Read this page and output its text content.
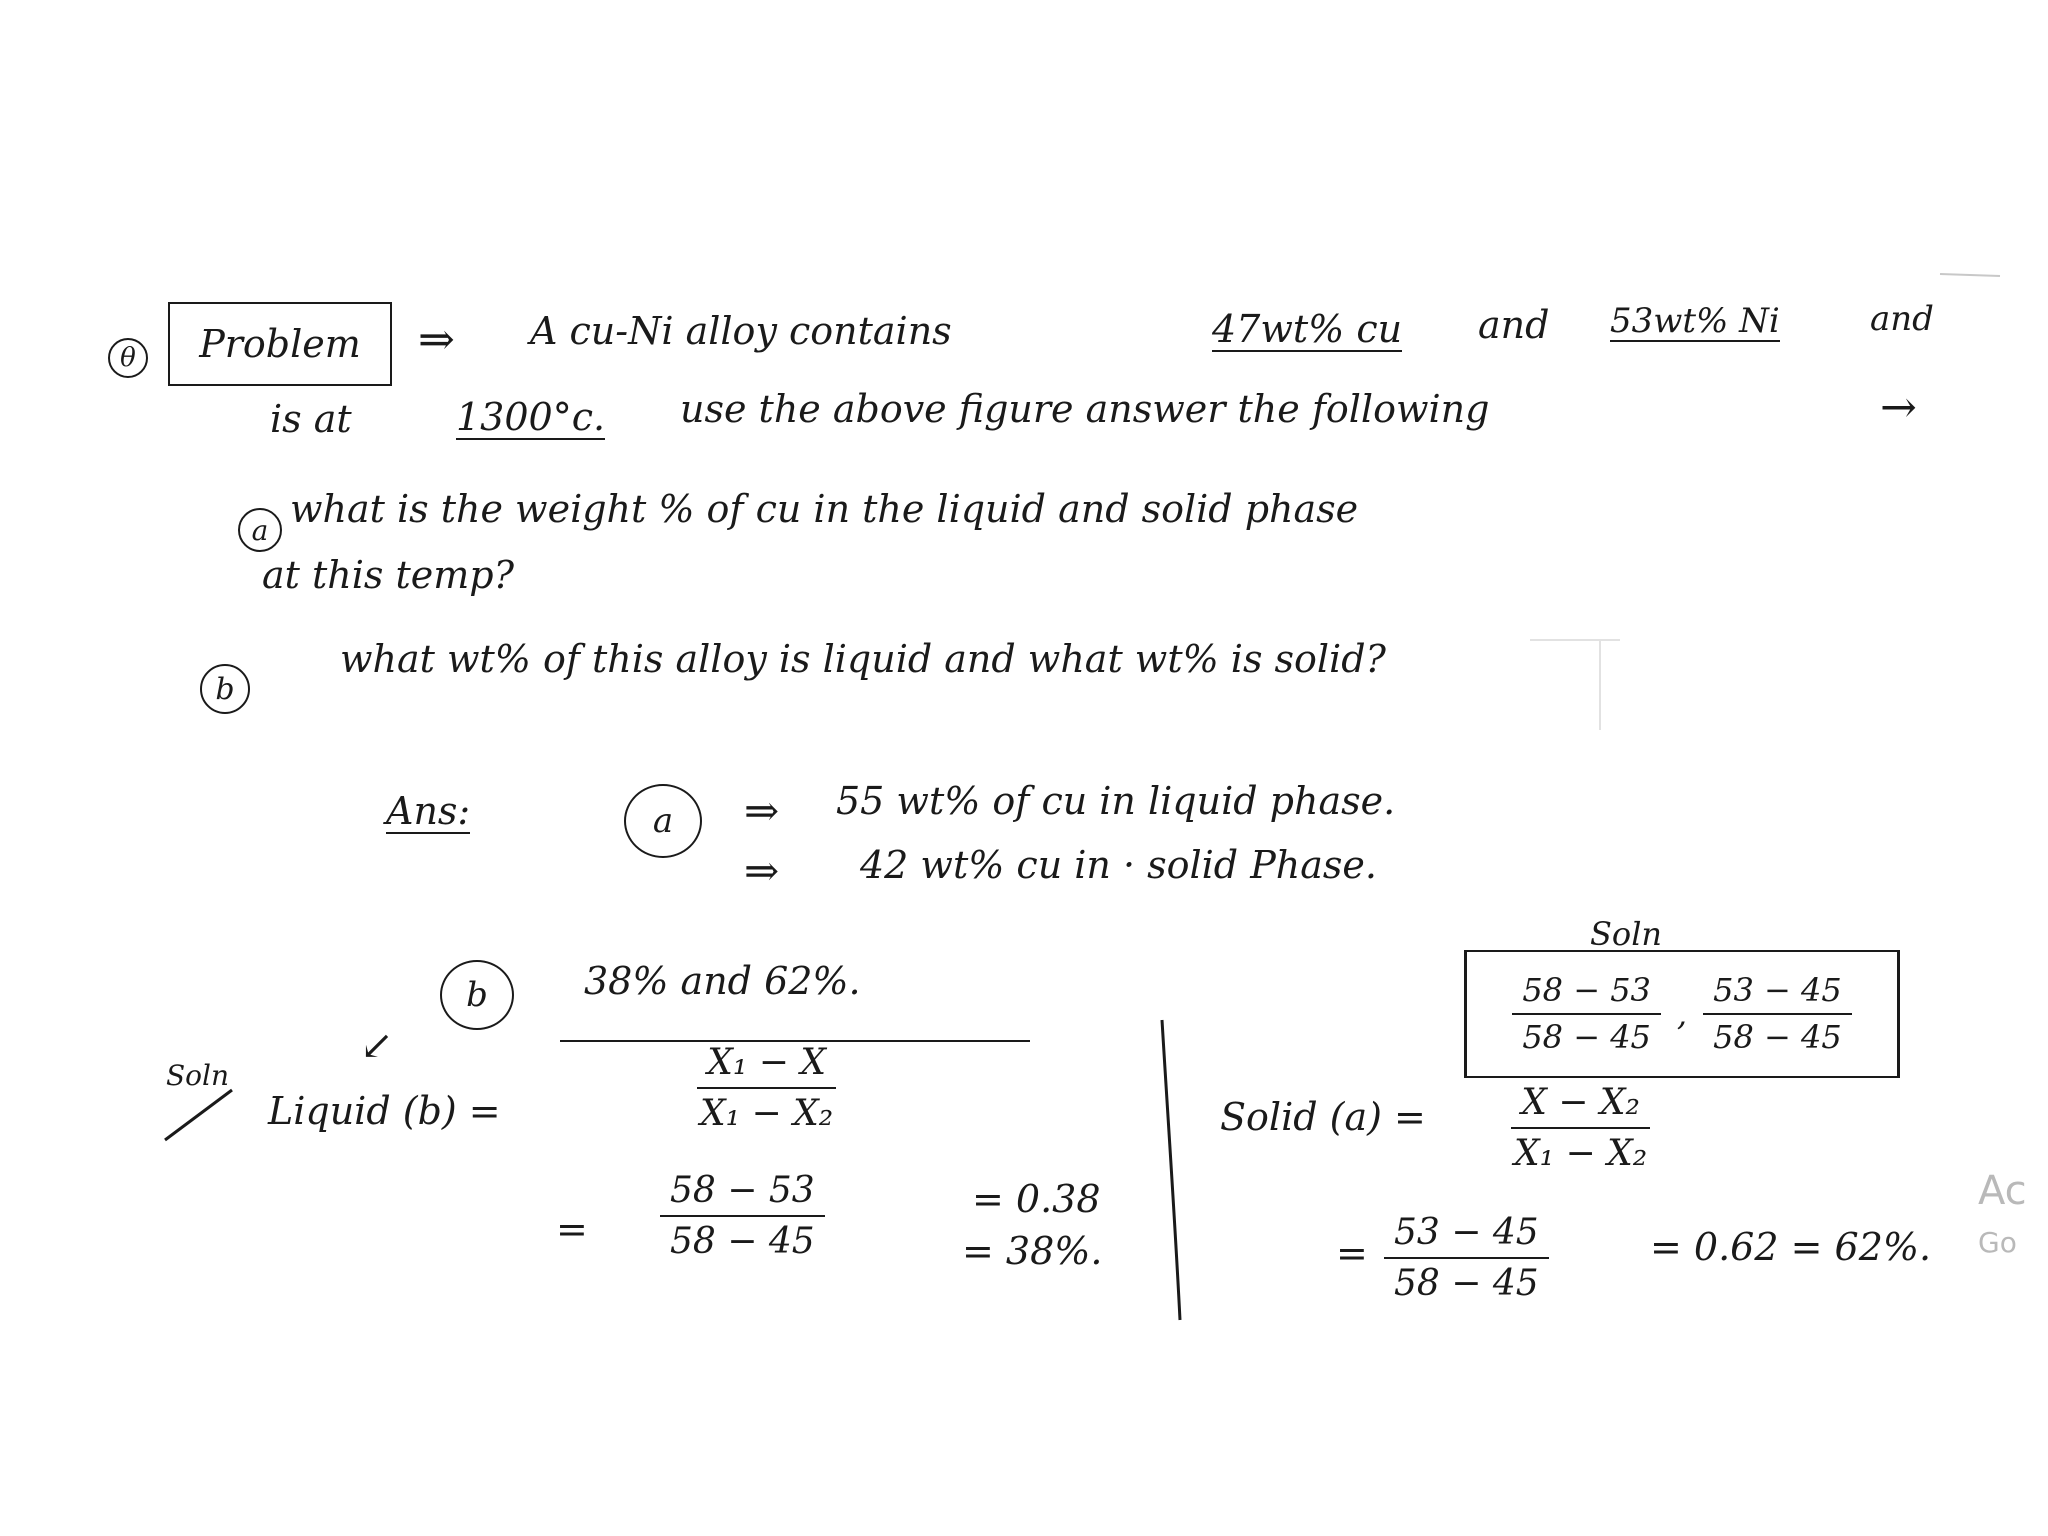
θ Problem ⇒ A cu-Ni alloy contains	47wt% cu and 53wt% Ni	and
is at	1300°c. use the above figure answer the following	→
a what is the weight % of cu in the liquid and solid phase
at this temp?
b
what wt% of this alloy is liquid and what wt% is solid?
Ans:	a ⇒ 55 wt% of cu in liquid phase.
⇒ 42 wt% cu in · solid Phase.
b	38% and 62%.
Soln
↙
Liquid (b) =	$\frac{\text{X₁ − X}}{\text{X₁ − X₂}}$
= $\frac{58 - 53}{58 - 45}$	= 0.38
= 38%.
Soln
$\frac{58 - 53}{58 - 45}$ , $\frac{53 - 45}{58 - 45}$
Solid $(a) = \frac{\text{X − X₂}}{\text{X₁ − X₂}}$
= $\frac{53 - 45}{58 - 45}$	= 0.62 = 62%.
Ac
Go
